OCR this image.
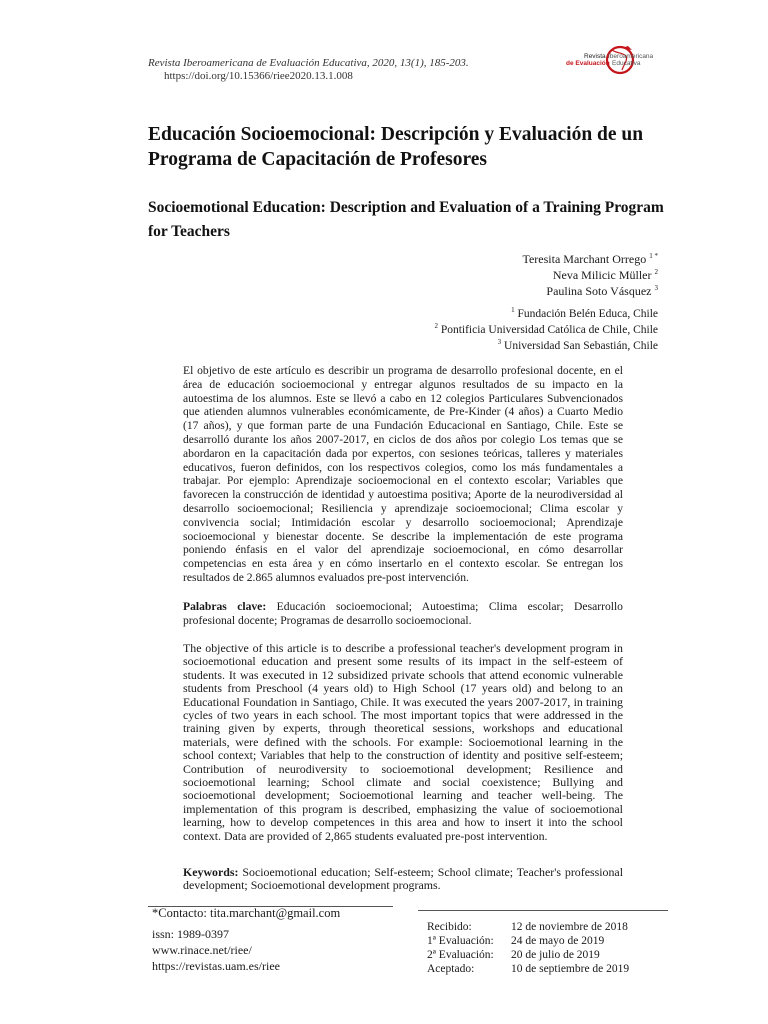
Revista Iberoamericana de Evaluación Educativa, 2020, 13(1), 185-203.
https://doi.org/10.15366/riee2020.13.1.008
Revista Iberoamericana
de Evaluación Educativa
Educación Socioemocional: Descripción y Evaluación de un Programa de Capacitación de Profesores
Socioemotional Education: Description and Evaluation of a Training Program for Teachers
Teresita Marchant Orrego $^{1 *}$
Neva Milicic Müller $^2$
Paulina Soto Vásquez $^3$
$^1$ Fundación Belén Educa, Chile
$^2$ Pontificia Universidad Católica de Chile, Chile
$^3$ Universidad San Sebastián, Chile

El objetivo de este artículo es describir un programa de desarrollo profesional docente, en el área de educación socioemocional y entregar algunos resultados de su impacto en la autoestima de los alumnos. Este se llevó a cabo en 12 colegios Particulares Subvencionados que atienden alumnos vulnerables económicamente, de Pre-Kinder (4 años) a Cuarto Medio (17 años), y que forman parte de una Fundación Educacional en Santiago, Chile. Este se desarrolló durante los años 2007-2017, en ciclos de dos años por colegio Los temas que se abordaron en la capacitación dada por expertos, con sesiones teóricas, talleres y materiales educativos, fueron definidos, con los respectivos colegios, como los más fundamentales a trabajar. Por ejemplo: Aprendizaje socioemocional en el contexto escolar; Variables que favorecen la construcción de identidad y autoestima positiva; Aporte de la neurodiversidad al desarrollo socioemocional; Resiliencia y aprendizaje socioemocional; Clima escolar y convivencia social; Intimidación escolar y desarrollo socioemocional; Aprendizaje socioemocional y bienestar docente. Se describe la implementación de este programa poniendo énfasis en el valor del aprendizaje socioemocional, en cómo desarrollar competencias en esta área y en cómo insertarlo en el contexto escolar. Se entregan los resultados de 2.865 alumnos evaluados pre-post intervención.

Palabras clave: Educación socioemocional; Autoestima; Clima escolar; Desarrollo profesional docente; Programas de desarrollo socioemocional.

The objective of this article is to describe a professional teacher's development program in socioemotional education and present some results of its impact in the self-esteem of students. It was executed in 12 subsidized private schools that attend economic vulnerable students from Preschool (4 years old) to High School (17 years old) and belong to an Educational Foundation in Santiago, Chile. It was executed the years 2007-2017, in training cycles of two years in each school. The most important topics that were addressed in the training given by experts, through theoretical sessions, workshops and educational materials, were defined with the schools. For example: Socioemotional learning in the school context; Variables that help to the construction of identity and positive self-esteem; Contribution of neurodiversity to socioemotional development; Resilience and socioemotional learning; School climate and social coexistence; Bullying and socioemotional development; Socioemotional learning and teacher well-being. The implementation of this program is described, emphasizing the value of socioemotional learning, how to develop competences in this area and how to insert it into the school context. Data are provided of 2,865 students evaluated pre-post intervention.

Keywords: Socioemotional education; Self-esteem; School climate; Teacher's professional development; Socioemotional development programs.

*Contacto: tita.marchant@gmail.com
issn: 1989-0397
www.rinace.net/riee/
https://revistas.uam.es/riee
Recibido:	12 de noviembre de 2018
1ª Evaluación: 24 de mayo de 2019
2ª Evaluación: 20 de julio de 2019
Aceptado:	10 de septiembre de 2019
